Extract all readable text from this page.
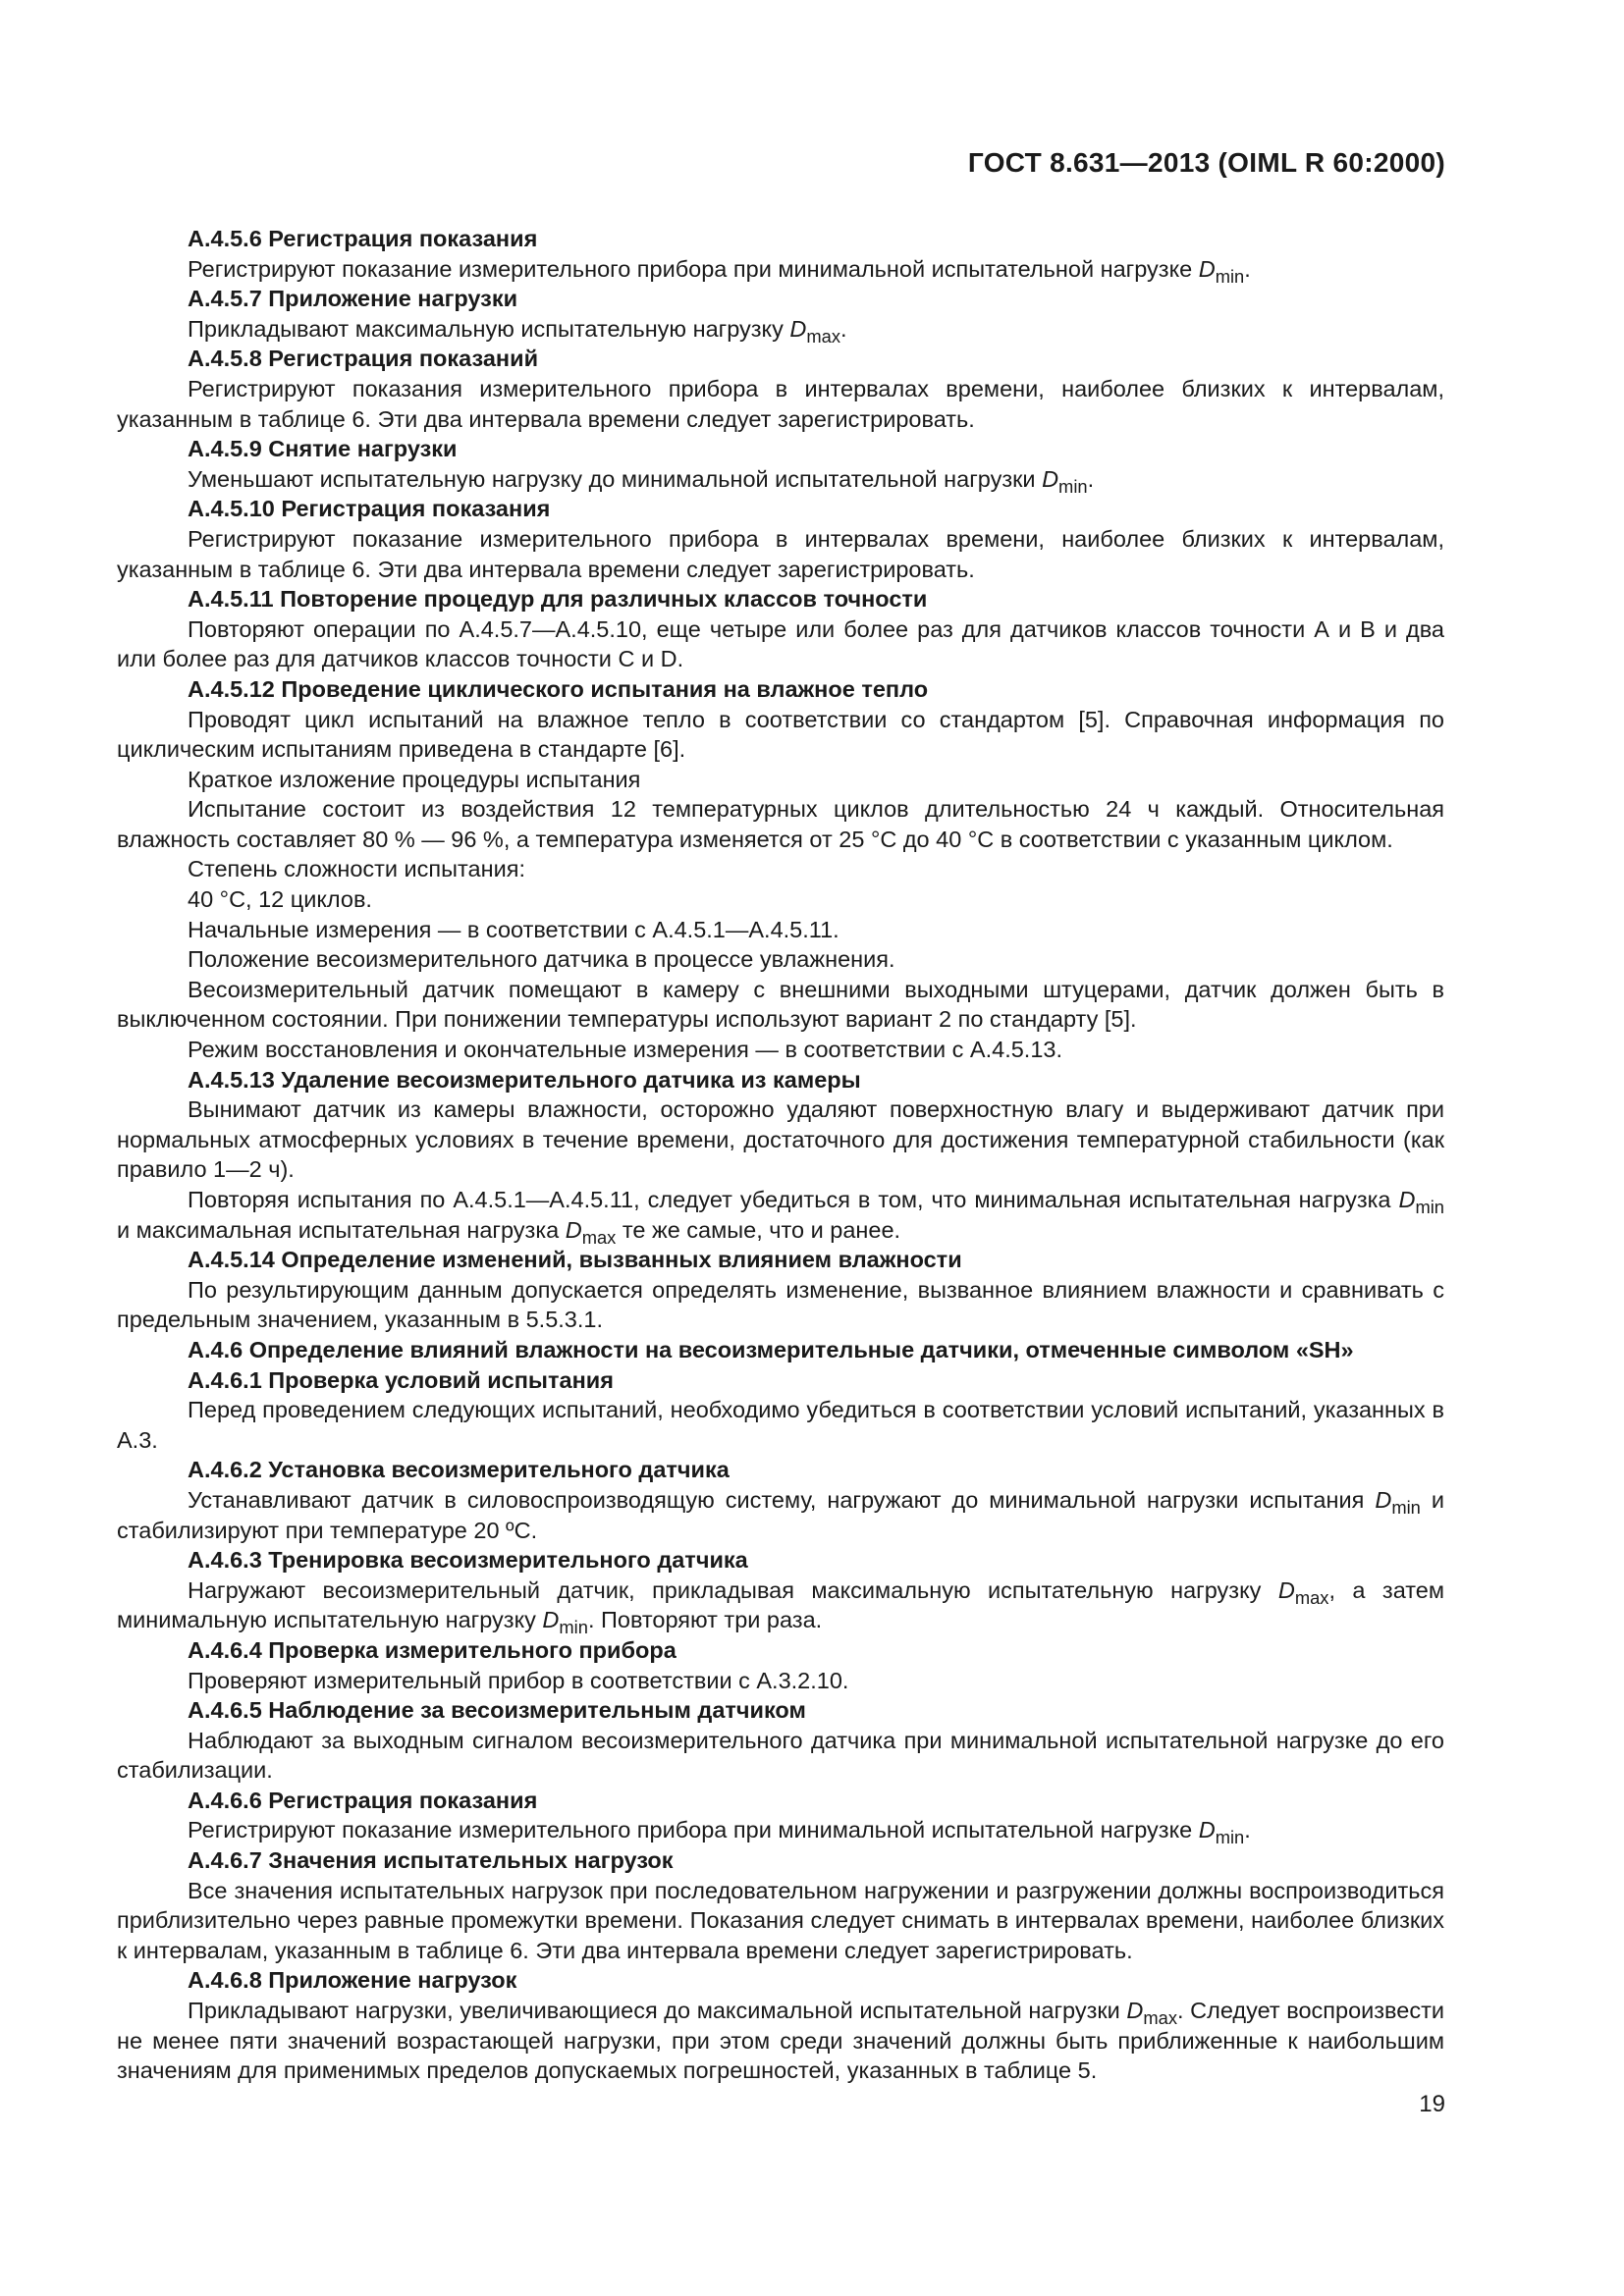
ГОСТ 8.631—2013 (OIML R 60:2000)

А.4.5.6 Регистрация показания

Регистрируют показание измерительного прибора при минимальной испытательной нагрузке $D_{min}$.

А.4.5.7 Приложение нагрузки

Прикладывают максимальную испытательную нагрузку $D_{max}$.

А.4.5.8 Регистрация показаний

Регистрируют показания измерительного прибора в интервалах времени, наиболее близких к интервалам, указанным в таблице 6. Эти два интервала времени следует зарегистрировать.

А.4.5.9 Снятие нагрузки

Уменьшают испытательную нагрузку до минимальной испытательной нагрузки $D_{min}$.

А.4.5.10 Регистрация показания

Регистрируют показание измерительного прибора в интервалах времени, наиболее близких к интервалам, указанным в таблице 6. Эти два интервала времени следует зарегистрировать.

А.4.5.11 Повторение процедур для различных классов точности

Повторяют операции по А.4.5.7—А.4.5.10, еще четыре или более раз для датчиков классов точности А и В и два или более раз для датчиков классов точности С и D.

А.4.5.12 Проведение циклического испытания на влажное тепло

Проводят цикл испытаний на влажное тепло в соответствии со стандартом [5]. Справочная информация по циклическим испытаниям приведена в стандарте [6].

Краткое изложение процедуры испытания

Испытание состоит из воздействия 12 температурных циклов длительностью 24 ч каждый. Относительная влажность составляет 80 % — 96 %, а температура изменяется от 25 °С до 40 °С в соответствии с указанным циклом.

Степень сложности испытания:

40 °С, 12 циклов.

Начальные измерения — в соответствии с А.4.5.1—А.4.5.11.

Положение весоизмерительного датчика в процессе увлажнения.

Весоизмерительный датчик помещают в камеру с внешними выходными штуцерами, датчик должен быть в выключенном состоянии. При понижении температуры используют вариант 2 по стандарту [5].

Режим восстановления и окончательные измерения — в соответствии с А.4.5.13.

А.4.5.13 Удаление весоизмерительного датчика из камеры

Вынимают датчик из камеры влажности, осторожно удаляют поверхностную влагу и выдерживают датчик при нормальных атмосферных условиях в течение времени, достаточного для достижения температурной стабильности (как правило 1—2 ч).

Повторяя испытания по А.4.5.1—А.4.5.11, следует убедиться в том, что минимальная испытательная нагрузка $D_{min}$ и максимальная испытательная нагрузка $D_{max}$ те же самые, что и ранее.

А.4.5.14 Определение изменений, вызванных влиянием влажности

По результирующим данным допускается определять изменение, вызванное влиянием влажности и сравнивать с предельным значением, указанным в 5.5.3.1.

А.4.6 Определение влияний влажности на весоизмерительные датчики, отмеченные символом «SH»

А.4.6.1 Проверка условий испытания

Перед проведением следующих испытаний, необходимо убедиться в соответствии условий испытаний, указанных в А.3.

А.4.6.2 Установка весоизмерительного датчика

Устанавливают датчик в силовоспроизводящую систему, нагружают до минимальной нагрузки испытания $D_{min}$ и стабилизируют при температуре 20 ºС.

А.4.6.3 Тренировка весоизмерительного датчика

Нагружают весоизмерительный датчик, прикладывая максимальную испытательную нагрузку $D_{max}$, а затем минимальную испытательную нагрузку $D_{min}$. Повторяют три раза.

А.4.6.4 Проверка измерительного прибора

Проверяют измерительный прибор в соответствии с А.3.2.10.

А.4.6.5 Наблюдение за весоизмерительным датчиком

Наблюдают за выходным сигналом весоизмерительного датчика при минимальной испытательной нагрузке до его стабилизации.

А.4.6.6 Регистрация показания

Регистрируют показание измерительного прибора при минимальной испытательной нагрузке $D_{min}$.

А.4.6.7 Значения испытательных нагрузок

Все значения испытательных нагрузок при последовательном нагружении и разгружении должны воспроизводиться приблизительно через равные промежутки времени. Показания следует снимать в интервалах времени, наиболее близких к интервалам, указанным в таблице 6. Эти два интервала времени следует зарегистрировать.

А.4.6.8 Приложение нагрузок

Прикладывают нагрузки, увеличивающиеся до максимальной испытательной нагрузки $D_{max}$. Следует воспроизвести не менее пяти значений возрастающей нагрузки, при этом среди значений должны быть приближенные к наибольшим значениям для применимых пределов допускаемых погрешностей, указанных в таблице 5.

19
